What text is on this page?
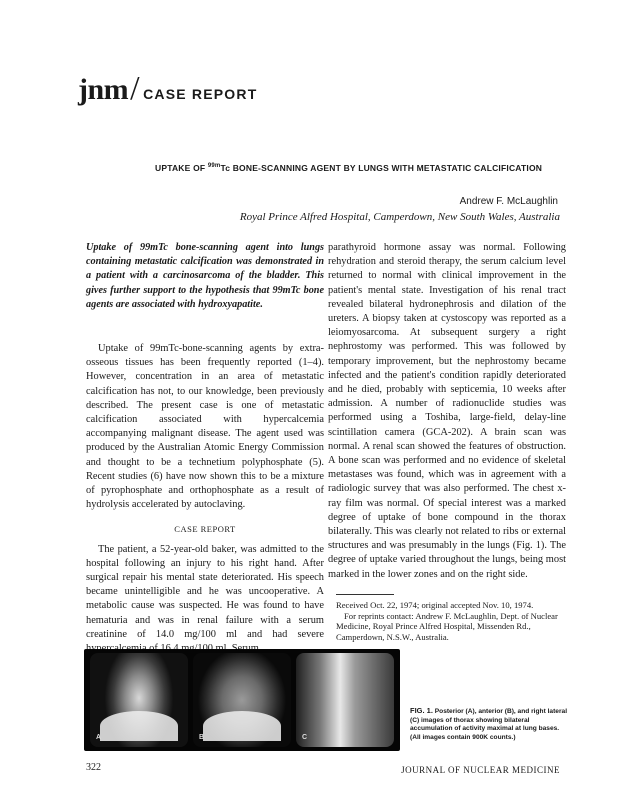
jnm / CASE REPORT
UPTAKE OF $^{99m}$Tc BONE-SCANNING AGENT BY LUNGS WITH METASTATIC CALCIFICATION
Andrew F. McLaughlin
Royal Prince Alfred Hospital, Camperdown, New South Wales, Australia
Uptake of 99mTc bone-scanning agent into lungs containing metastatic calcification was demonstrated in a patient with a carcinosarcoma of the bladder. This gives further support to the hypothesis that 99mTc bone agents are associated with hydroxyapatite.

Uptake of 99mTc-bone-scanning agents by extra-osseous tissues has been frequently reported (1–4). However, concentration in an area of metastatic calcification has not, to our knowledge, been previously described. The present case is one of metastatic calcification associated with hypercalcemia accompanying malignant disease. The agent used was produced by the Australian Atomic Energy Commission and thought to be a technetium polyphosphate (5). Recent studies (6) have now shown this to be a mixture of pyrophosphate and orthophosphate as a result of hydrolysis accelerated by autoclaving.

CASE REPORT

The patient, a 52-year-old baker, was admitted to the hospital following an injury to his right hand. After surgical repair his mental state deteriorated. His speech became unintelligible and he was uncooperative. A metabolic cause was suspected. He was found to have hematuria and was in renal failure with a serum creatinine of 14.0 mg/100 ml and had severe

parathyroid hormone assay was normal. Following rehydration and steroid therapy, the serum calcium level returned to normal with clinical improvement in the patient's mental state. Investigation of his renal tract revealed bilateral hydronephrosis and dilation of the ureters. A biopsy taken at cystoscopy was reported as a leiomyosarcoma. At subsequent surgery a right nephrostomy was performed. This was followed by temporary improvement, but the nephrostomy became infected and the patient's condition rapidly deteriorated and he died, probably with septicemia, 10 weeks after admission. A number of radionuclide studies was performed using a Toshiba, large-field, delay-line scintillation camera (GCA-202). A brain scan was normal. A renal scan showed the features of obstruction. A bone scan was performed and no evidence of skeletal metastases was found, which was in agreement with a radiologic survey that was also performed. The chest x-ray film was normal. Of special interest was a marked degree of uptake of bone compound in the thorax bilaterally. This was clearly not related to ribs or external structures and was presumably in the lungs (Fig. 1). The degree of uptake varied throughout the lungs, being most marked in the lower zones and on the right side.

Received Oct. 22, 1974; original accepted Nov. 10, 1974.

For reprints contact: Andrew F. McLaughlin, Dept. of Nuclear Medicine, Royal Prince Alfred Hospital, Missenden Rd., Camperdown, N.S.W., Australia.

A	B	C
FIG. 1. Posterior (A), anterior (B), and right lateral (C) images of thorax showing bilateral accumulation of activity maximal at lung bases. (All images contain 900K counts.)
322	JOURNAL OF NUCLEAR MEDICINE
